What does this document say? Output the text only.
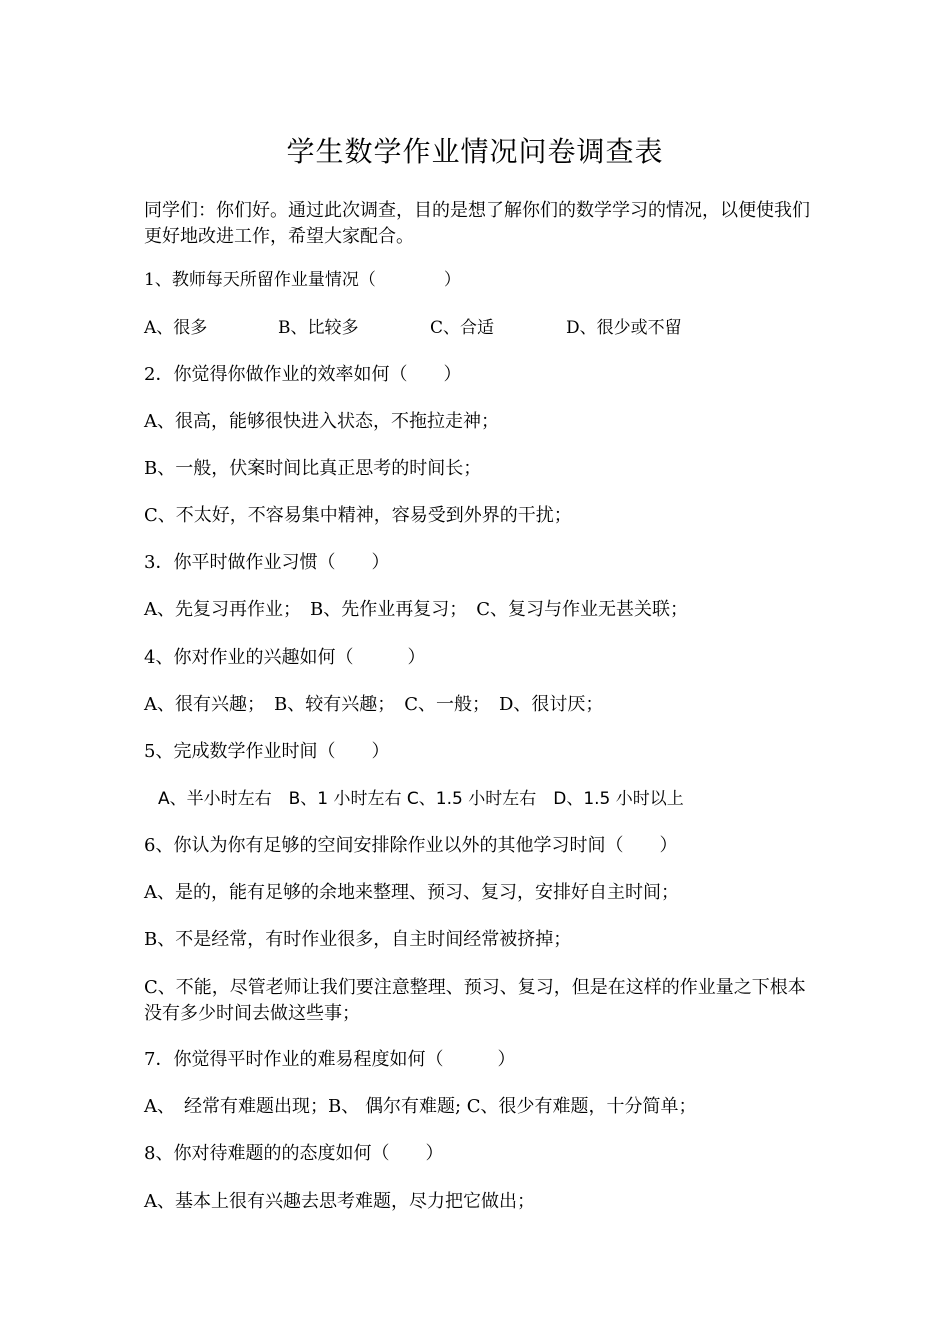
学生数学作业情况问卷调查表
同学们：你们好。通过此次调查，目的是想了解你们的数学学习的情况，以便使我们更好地改进工作，希望大家配合。
1、教师每天所留作业量情况（　　　　）
A、很多	B、比较多	C、合适	D、很少或不留
2．你觉得你做作业的效率如何（　　）
A、很高，能够很快进入状态，不拖拉走神；
B、一般，伏案时间比真正思考的时间长；
C、不太好，不容易集中精神，容易受到外界的干扰；
3．你平时做作业习惯（　　）
A、先复习再作业；　B、先作业再复习；　C、复习与作业无甚关联；
4、你对作业的兴趣如何（　　　）
A、很有兴趣；　B、较有兴趣；　C、一般；　D、很讨厌；
5、完成数学作业时间（　　）
A、半小时左右　B、1 小时左右 C、1.5 小时左右　D、1.5 小时以上
6、你认为你有足够的空间安排除作业以外的其他学习时间（　　）
A、是的，能有足够的余地来整理、预习、复习，安排好自主时间；
B、不是经常，有时作业很多，自主时间经常被挤掉；
C、不能，尽管老师让我们要注意整理、预习、复习，但是在这样的作业量之下根本没有多少时间去做这些事；
7．你觉得平时作业的难易程度如何（　　　）
A、　经常有难题出现；B、 偶尔有难题; C、很少有难题，十分简单；
8、你对待难题的的态度如何（　　）
A、基本上很有兴趣去思考难题，尽力把它做出；
